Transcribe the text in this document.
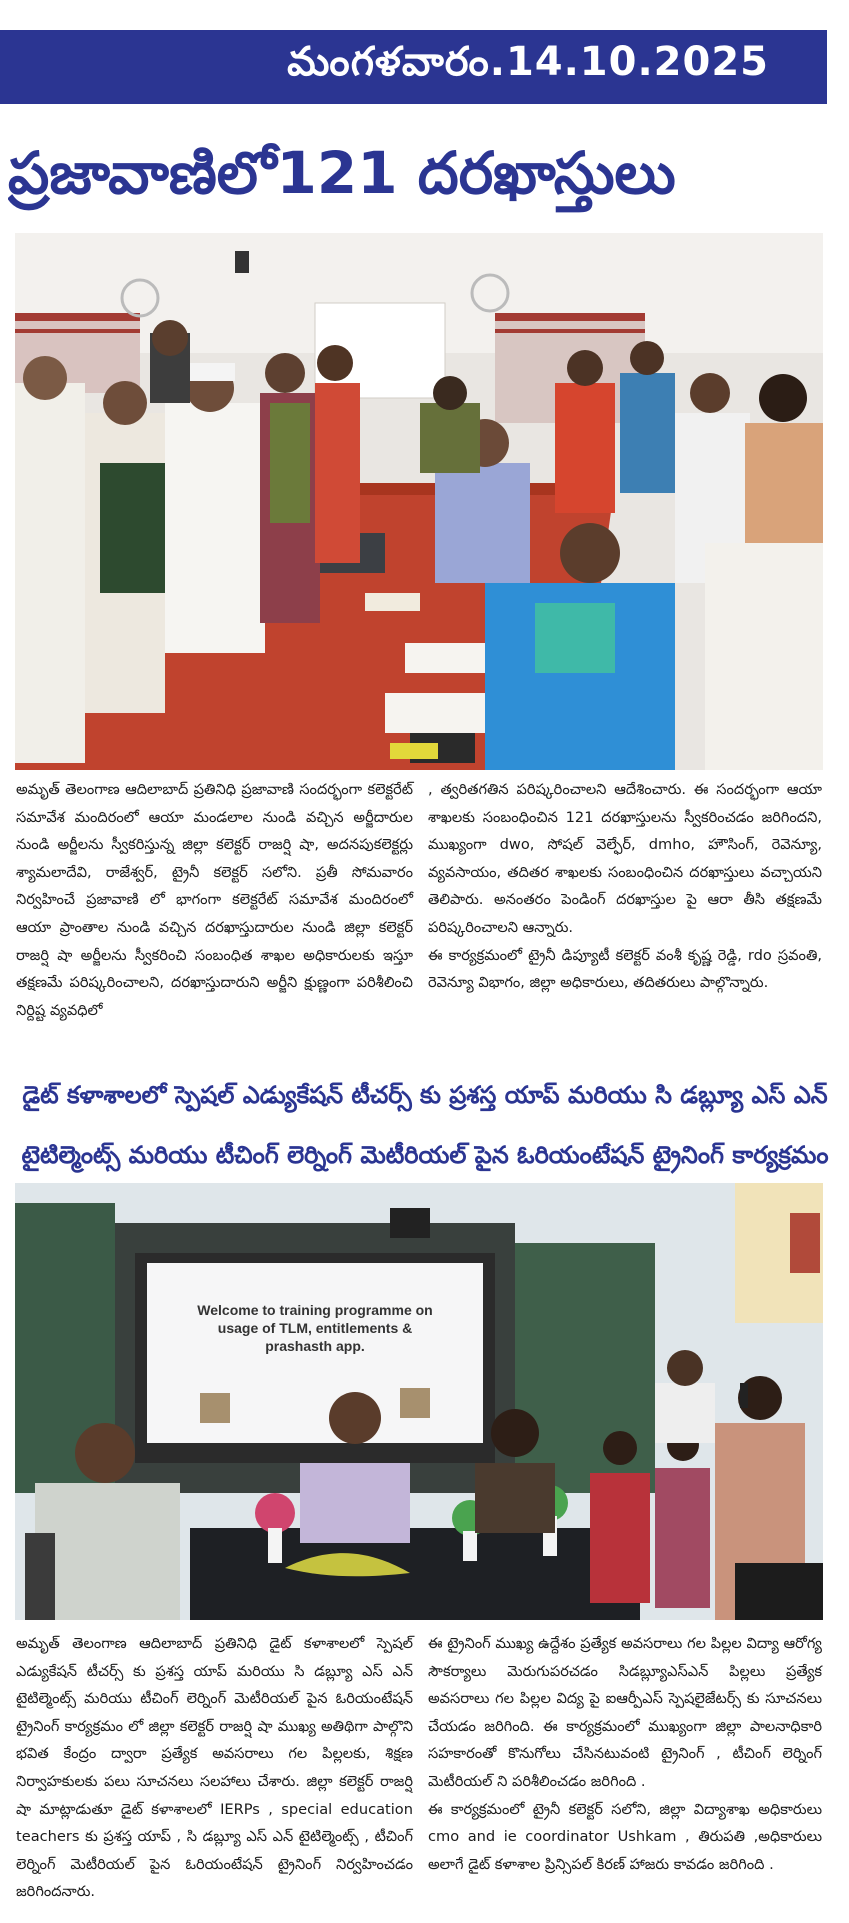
మంగళవారం.14.10.2025
ప్రజావాణిలో121 దరఖాస్తులు
అమృత్ తెలంగాణ ఆదిలాబాద్ ప్రతినిధి ప్రజావాణి సందర్భంగా కలెక్టరేట్ సమావేశ మందిరంలో ఆయా మండలాల నుండి వచ్చిన అర్జీదారుల నుండి అర్జీలను స్వీకరిస్తున్న జిల్లా కలెక్టర్ రాజర్షి షా, అదనపుకలెక్టర్లు శ్యామలాదేవి, రాజేశ్వర్, ట్రైనీ కలెక్టర్ సలోని. ప్రతీ సోమవారం నిర్వహించే ప్రజావాణి లో భాగంగా కలెక్టరేట్ సమావేశ మందిరంలో ఆయా ప్రాంతాల నుండి వచ్చిన దరఖాస్తుదారుల నుండి జిల్లా కలెక్టర్ రాజర్షి షా అర్జీలను స్వీకరించి సంబంధిత శాఖల అధికారులకు ఇస్తూ తక్షణమే పరిష్కరించాలని, దరఖాస్తుదారుని అర్జీని క్షుణ్ణంగా పరిశీలించి నిర్దిష్ట వ్యవధిలో
, త్వరితగతిన పరిష్కరించాలని ఆదేశించారు. ఈ సందర్భంగా ఆయా శాఖలకు సంబంధించిన 121 దరఖాస్తులను స్వీకరించడం జరిగిందని, ముఖ్యంగా dwo, సోషల్ వెల్ఫేర్, dmho, హౌసింగ్, రెవెన్యూ, వ్యవసాయం, తదితర శాఖలకు సంబంధించిన దరఖాస్తులు వచ్చాయని తెలిపారు. అనంతరం పెండింగ్ దరఖాస్తుల పై ఆరా తీసి తక్షణమే పరిష్కరించాలని ఆన్నారు.
ఈ కార్యక్రమంలో ట్రైనీ డిప్యూటీ కలెక్టర్ వంశీ కృష్ణ రెడ్డి, rdo స్రవంతి, రెవెన్యూ విభాగం, జిల్లా అధికారులు, తదితరులు పాల్గొన్నారు.
డైట్ కళాశాలలో స్పెషల్ ఎడ్యుకేషన్ టీచర్స్ కు ప్రశస్త యాప్ మరియు సి డబ్ల్యూ ఎస్ ఎన్
టైటిల్మెంట్స్ మరియు టీచింగ్ లెర్నింగ్ మెటీరియల్ పైన ఓరియంటేషన్ ట్రైనింగ్ కార్యక్రమం
Welcome to training programme on usage of TLM, entitlements & prashasth app.
అమృత్ తెలంగాణ ఆదిలాబాద్ ప్రతినిధి డైట్ కళాశాలలో స్పెషల్ ఎడ్యుకేషన్ టీచర్స్ కు ప్రశస్త యాప్ మరియు సి డబ్ల్యూ ఎస్ ఎన్ టైటిల్మెంట్స్ మరియు టీచింగ్ లెర్నింగ్ మెటీరియల్ పైన ఓరియంటేషన్ ట్రైనింగ్ కార్యక్రమం లో జిల్లా కలెక్టర్ రాజర్షి షా ముఖ్య అతిథిగా పాల్గొని భవిత కేంద్రం ద్వారా ప్రత్యేక అవసరాలు గల పిల్లలకు, శిక్షణ నిర్వాహకులకు పలు సూచనలు సలహాలు చేశారు. జిల్లా కలెక్టర్ రాజర్షి షా మాట్లాడుతూ డైట్ కళాశాలలో IERPs , special education teachers కు ప్రశస్త యాప్ , సి డబ్ల్యూ ఎస్ ఎన్ టైటిల్మెంట్స్ , టీచింగ్ లెర్నింగ్ మెటీరియల్ పైన ఓరియంటేషన్ ట్రైనింగ్ నిర్వహించడం జరిగిందనారు.
ఈ ట్రైనింగ్ ముఖ్య ఉద్దేశం ప్రత్యేక అవసరాలు గల పిల్లల విద్యా ఆరోగ్య సౌకర్యాలు మెరుగుపరచడం సిడబ్ల్యూఎస్ఎన్ పిల్లలు ప్రత్యేక అవసరాలు గల పిల్లల విద్య పై ఐఆర్పీఎస్ స్పెషలైజేటర్స్ కు సూచనలు చేయడం జరిగింది. ఈ కార్యక్రమంలో ముఖ్యంగా జిల్లా పాలనాధికారి సహకారంతో కొనుగోలు చేసినటువంటి ట్రైనింగ్ , టీచింగ్ లెర్నింగ్ మెటీరియల్ ని పరిశీలించడం జరిగింది .
ఈ కార్యక్రమంలో ట్రైనీ కలెక్టర్ సలోని, జిల్లా విద్యాశాఖ అధికారులు cmo and ie coordinator Ushkam , తిరుపతి ,అధికారులు అలాగే డైట్ కళాశాల ప్రిన్సిపల్ కిరణ్ హాజరు కావడం జరిగింది .
